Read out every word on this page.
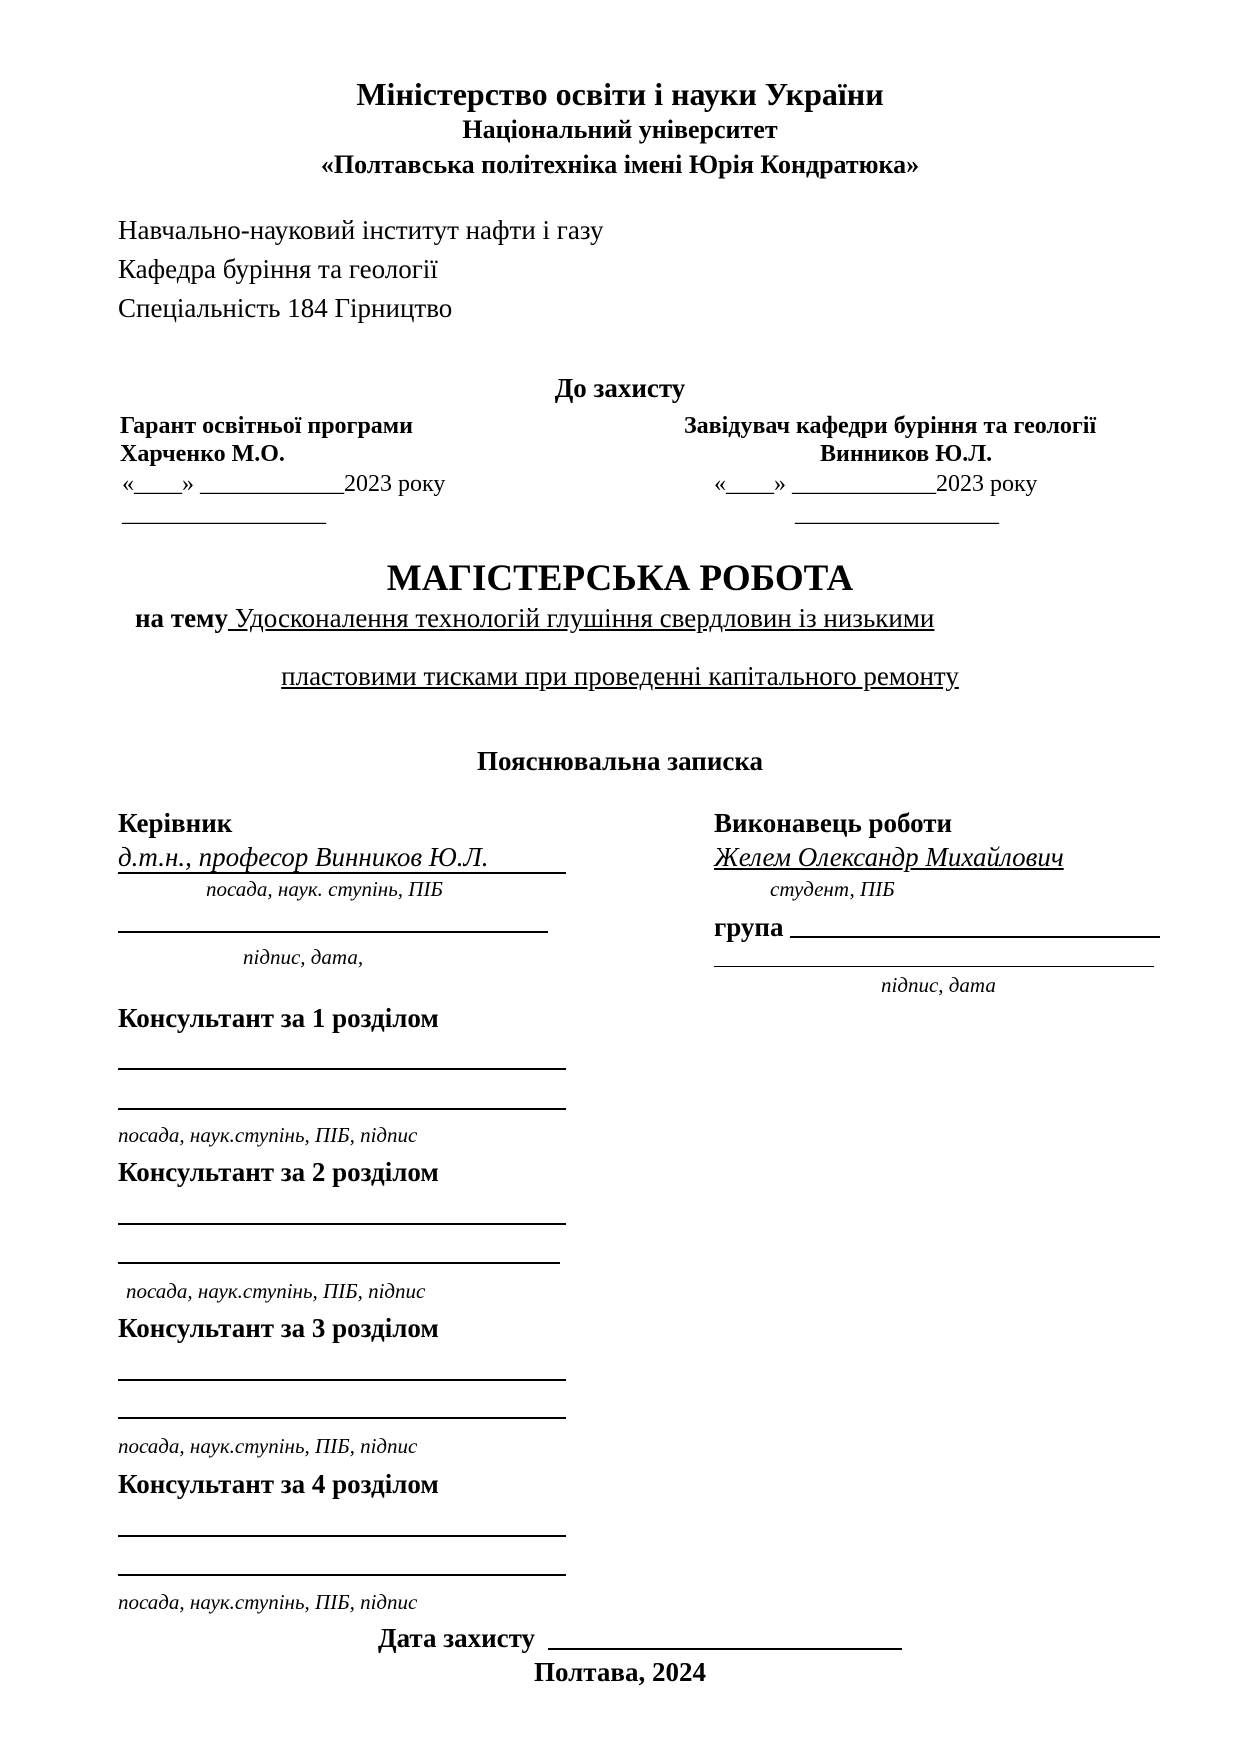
Міністерство освіти і науки України
Національний університет
«Полтавська політехніка імені Юрія Кондратюка»
Навчально-науковий інститут нафти і газу
Кафедра буріння та геології
Спеціальність 184 Гірництво
До захисту
Гарант освітньої програми
Харченко М.О.
«____» ____________2023 року
_________________
Завідувач кафедри буріння та геології
Винников Ю.Л.
«____» ____________2023 року
_________________
МАГІСТЕРСЬКА РОБОТА
на тему Удосконалення технологій глушіння свердловин із низькими
пластовими тисками при проведенні капітального ремонту
Пояснювальна записка
Керівник
д.т.н., професор Винников Ю.Л.
посада, наук. ступінь, ПІБ
підпис, дата,
Виконавець роботи
Желем Олександр Михайлович
студент, ПІБ
група
підпис, дата
Консультант за 1 розділом
посада, наук.ступінь, ПІБ, підпис
Консультант за 2 розділом
посада, наук.ступінь, ПІБ, підпис
Консультант за 3 розділом
посада, наук.ступінь, ПІБ, підпис
Консультант за 4 розділом
посада, наук.ступінь, ПІБ, підпис
Дата захисту
Полтава, 2024
